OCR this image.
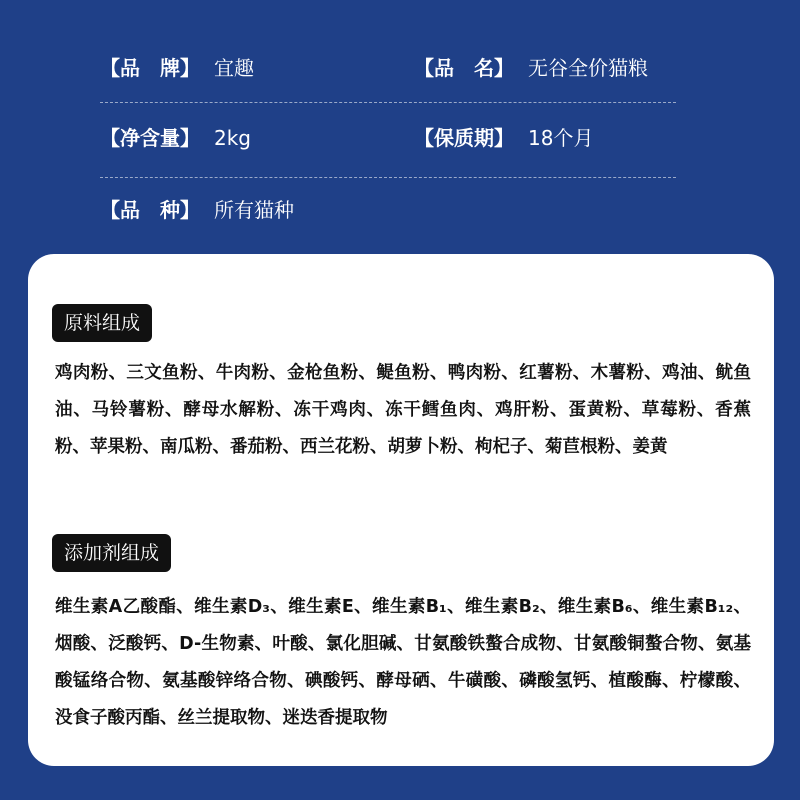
【品　牌】 宜趣	【品　名】 无谷全价猫粮
【净含量】 2kg	【保质期】 18个月
【品　种】 所有猫种
原料组成
鸡肉粉、三文鱼粉、牛肉粉、金枪鱼粉、鳀鱼粉、鸭肉粉、红薯粉、木薯粉、鸡油、鱿鱼油、马铃薯粉、酵母水解粉、冻干鸡肉、冻干鳕鱼肉、鸡肝粉、蛋黄粉、草莓粉、香蕉粉、苹果粉、南瓜粉、番茄粉、西兰花粉、胡萝卜粉、枸杞子、菊苣根粉、姜黄
添加剂组成
维生素A乙酸酯、维生素D₃、维生素E、维生素B₁、维生素B₂、维生素B₆、维生素B₁₂、烟酸、泛酸钙、D-生物素、叶酸、氯化胆碱、甘氨酸铁螯合成物、甘氨酸铜螯合物、氨基酸锰络合物、氨基酸锌络合物、碘酸钙、酵母硒、牛磺酸、磷酸氢钙、植酸酶、柠檬酸、没食子酸丙酯、丝兰提取物、迷迭香提取物
